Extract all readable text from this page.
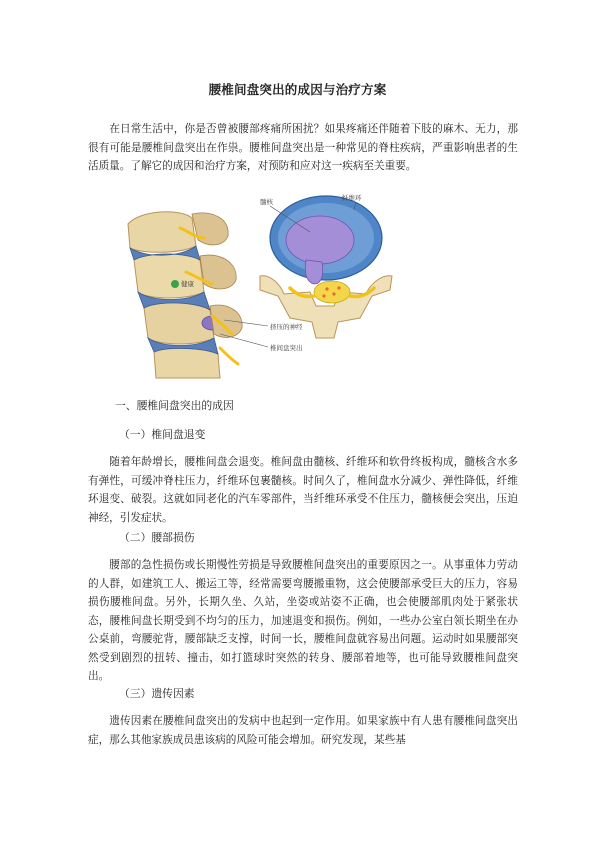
腰椎间盘突出的成因与治疗方案

在日常生活中，你是否曾被腰部疼痛所困扰？如果疼痛还伴随着下肢的麻木、无力，那很有可能是腰椎间盘突出在作祟。腰椎间盘突出是一种常见的脊柱疾病，严重影响患者的生活质量。了解它的成因和治疗方案，对预防和应对这一疾病至关重要。

健康
髓核	纤维环
挤压的神经
椎间盘突出

一、腰椎间盘突出的成因

（一）椎间盘退变

随着年龄增长，腰椎间盘会退变。椎间盘由髓核、纤维环和软骨终板构成，髓核含水多有弹性，可缓冲脊柱压力，纤维环包裹髓核。时间久了，椎间盘水分减少、弹性降低，纤维环退变、破裂。这就如同老化的汽车零部件，当纤维环承受不住压力，髓核便会突出，压迫神经，引发症状。

（二）腰部损伤

腰部的急性损伤或长期慢性劳损是导致腰椎间盘突出的重要原因之一。从事重体力劳动的人群，如建筑工人、搬运工等，经常需要弯腰搬重物，这会使腰部承受巨大的压力，容易损伤腰椎间盘。另外，长期久坐、久站，坐姿或站姿不正确，也会使腰部肌肉处于紧张状态，腰椎间盘长期受到不均匀的压力，加速退变和损伤。例如，一些办公室白领长期坐在办公桌前，弯腰驼背，腰部缺乏支撑，时间一长，腰椎间盘就容易出问题。运动时如果腰部突然受到剧烈的扭转、撞击，如打篮球时突然的转身、腰部着地等，也可能导致腰椎间盘突出。

（三）遗传因素

遗传因素在腰椎间盘突出的发病中也起到一定作用。如果家族中有人患有腰椎间盘突出症，那么其他家族成员患该病的风险可能会增加。研究发现，某些基
